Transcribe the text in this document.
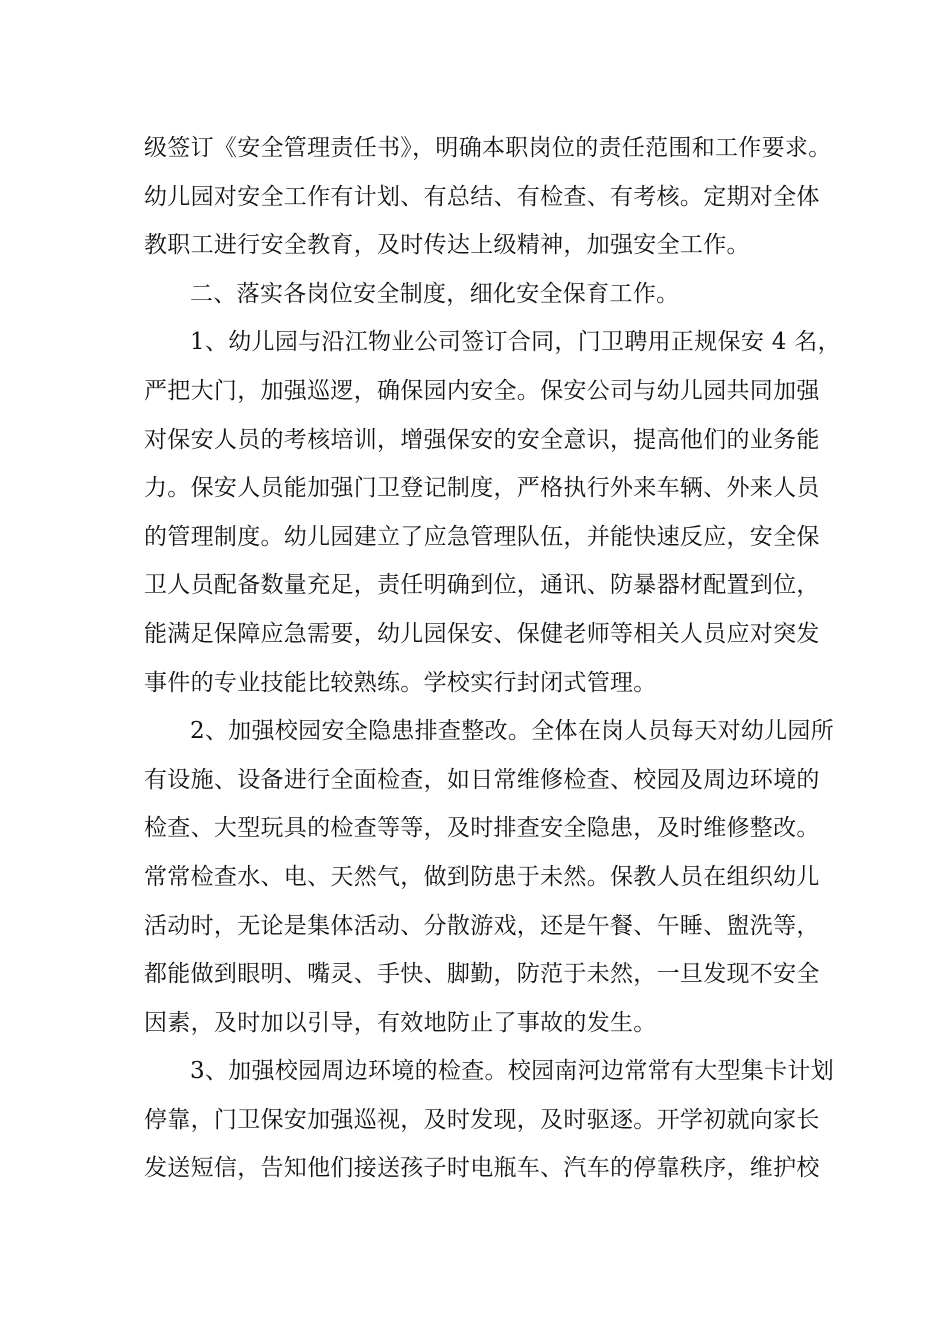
级签订《安全管理责任书》，明确本职岗位的责任范围和工作要求。
幼儿园对安全工作有计划、有总结、有检查、有考核。定期对全体
教职工进行安全教育，及时传达上级精神，加强安全工作。
二、落实各岗位安全制度，细化安全保育工作。
1、幼儿园与沿江物业公司签订合同，门卫聘用正规保安 4 名，
严把大门，加强巡逻，确保园内安全。保安公司与幼儿园共同加强
对保安人员的考核培训，增强保安的安全意识，提高他们的业务能
力。保安人员能加强门卫登记制度，严格执行外来车辆、外来人员
的管理制度。幼儿园建立了应急管理队伍，并能快速反应，安全保
卫人员配备数量充足，责任明确到位，通讯、防暴器材配置到位，
能满足保障应急需要，幼儿园保安、保健老师等相关人员应对突发
事件的专业技能比较熟练。学校实行封闭式管理。
2、加强校园安全隐患排查整改。全体在岗人员每天对幼儿园所
有设施、设备进行全面检查，如日常维修检查、校园及周边环境的
检查、大型玩具的检查等等，及时排查安全隐患，及时维修整改。
常常检查水、电、天然气，做到防患于未然。保教人员在组织幼儿
活动时，无论是集体活动、分散游戏，还是午餐、午睡、盥洗等，
都能做到眼明、嘴灵、手快、脚勤，防范于未然，一旦发现不安全
因素，及时加以引导，有效地防止了事故的发生。
3、加强校园周边环境的检查。校园南河边常常有大型集卡计划
停靠，门卫保安加强巡视，及时发现，及时驱逐。开学初就向家长
发送短信，告知他们接送孩子时电瓶车、汽车的停靠秩序，维护校
